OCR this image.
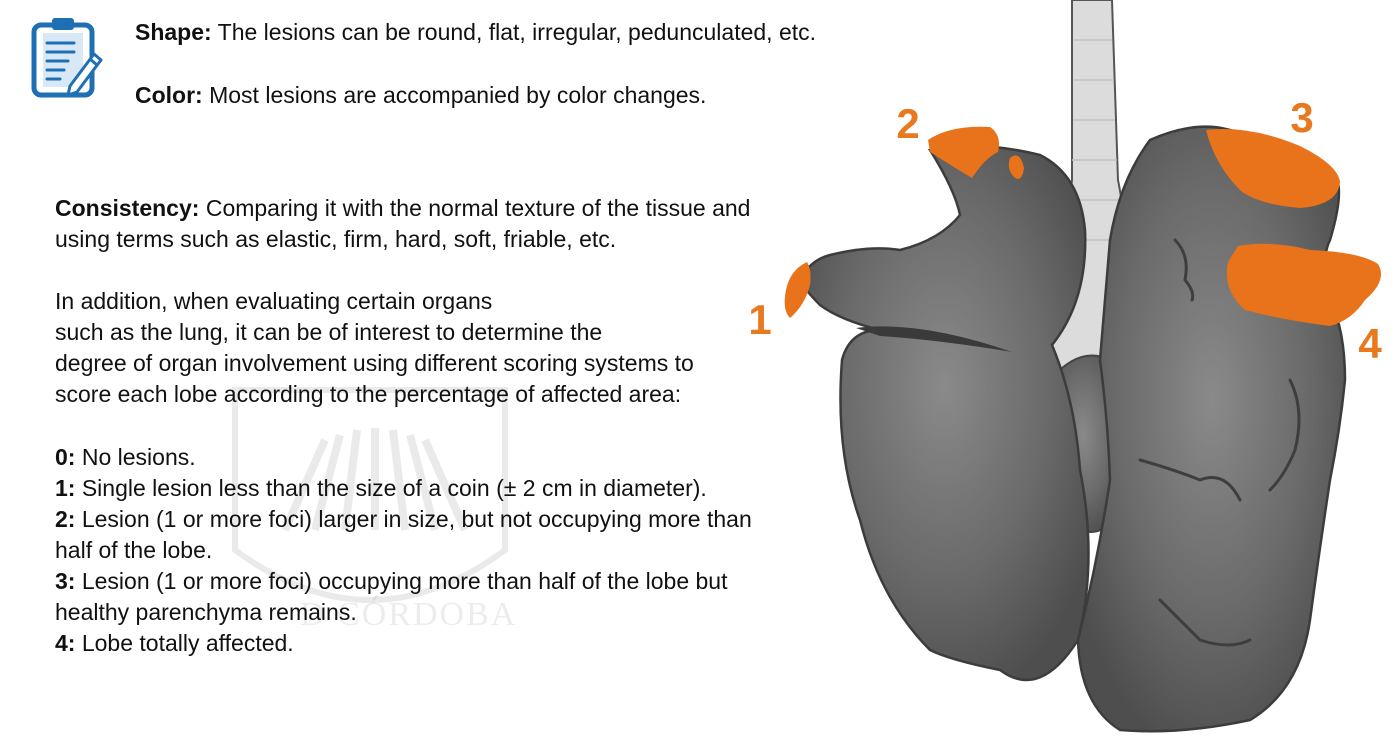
D CÓRDOBA

Shape: The lesions can be round, flat, irregular, pedunculated, etc.

Color: Most lesions are accompanied by color changes.

Consistency: Comparing it with the normal texture of the tissue and
using terms such as elastic, firm, hard, soft, friable, etc.
In addition, when evaluating certain organs
such as the lung, it can be of interest to determine the
degree of organ involvement using different scoring systems to
score each lobe according to the percentage of affected area:
0: No lesions.
1: Single lesion less than the size of a coin (± 2 cm in diameter).
2: Lesion (1 or more foci) larger in size, but not occupying more than
half of the lobe.
3: Lesion (1 or more foci) occupying more than half of the lobe but
healthy parenchyma remains.
4: Lobe totally affected.
1
2	3
4
